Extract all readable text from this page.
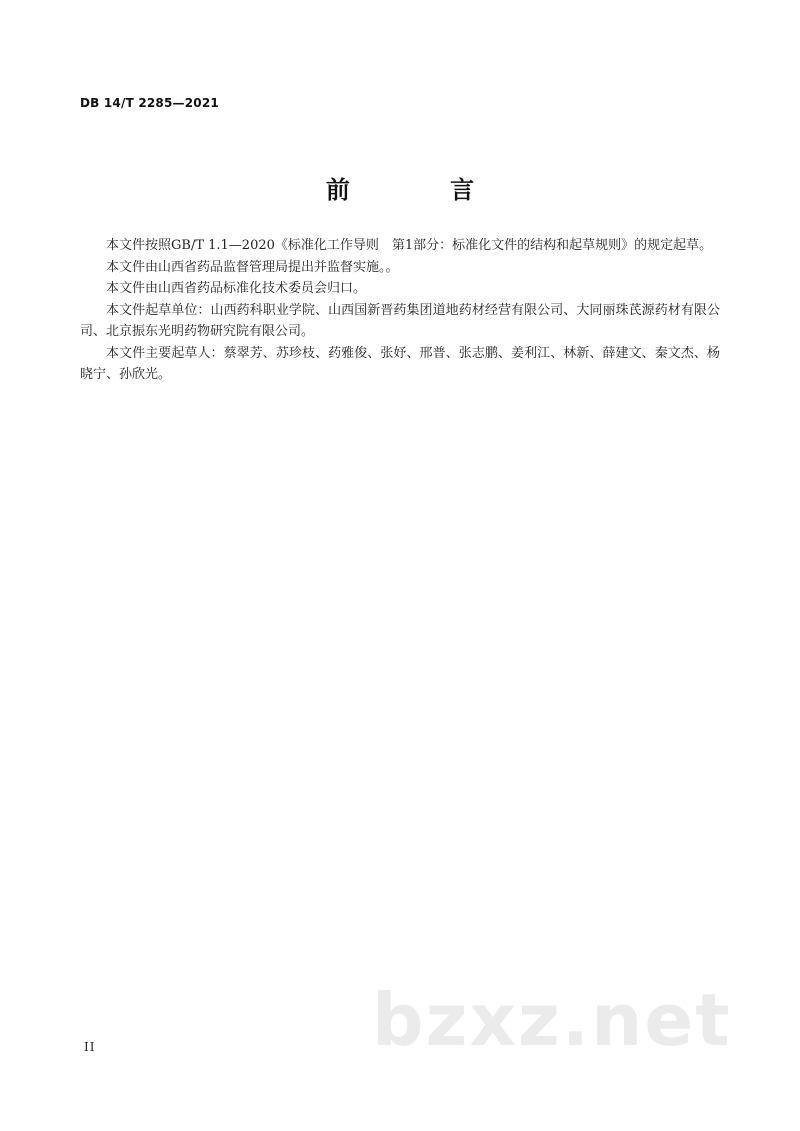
DB 14/T 2285—2021
前 言

本文件按照GB/T 1.1—2020《标准化工作导则　第1部分：标准化文件的结构和起草规则》的规定起草。

本文件由山西省药品监督管理局提出并监督实施。。

本文件由山西省药品标准化技术委员会归口。

本文件起草单位：山西药科职业学院、山西国新晋药集团道地药材经营有限公司、大同丽珠芪源药材有限公司、北京振东光明药物研究院有限公司。

本文件主要起草人：蔡翠芳、苏珍枝、药雅俊、张妤、邢普、张志鹏、姜利江、林新、薛建文、秦文杰、杨晓宁、孙欣光。

bzxz.net
II
